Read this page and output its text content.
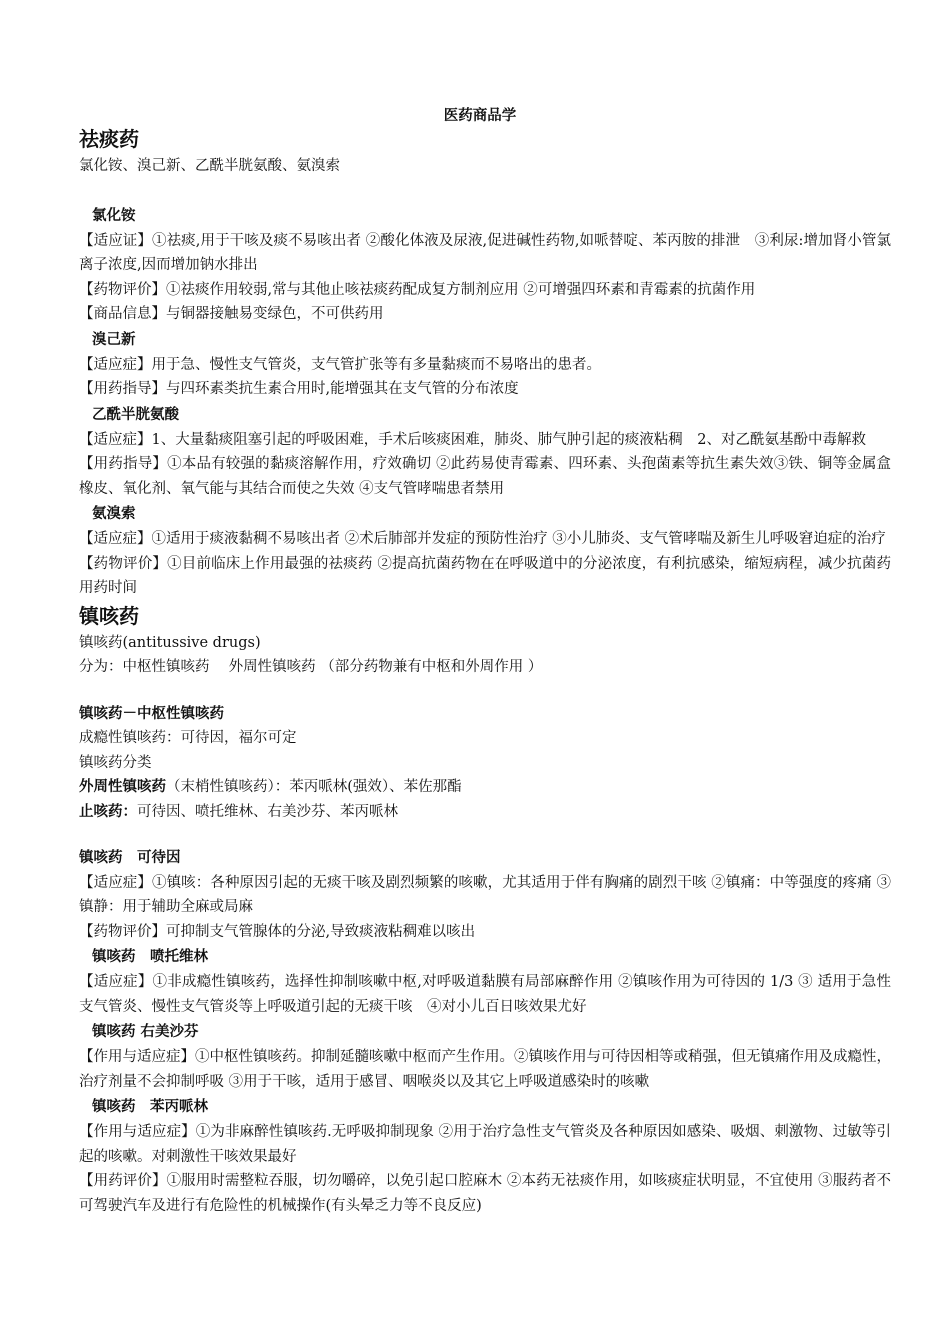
医药商品学
祛痰药
氯化铵、溴己新、乙酰半胱氨酸、氨溴索
氯化铵
【适应证】①祛痰,用于干咳及痰不易咳出者 ②酸化体液及尿液,促进碱性药物,如哌替啶、苯丙胺的排泄　③利尿:增加肾小管氯离子浓度,因而增加钠水排出
【药物评价】①祛痰作用较弱,常与其他止咳祛痰药配成复方制剂应用 ②可增强四环素和青霉素的抗菌作用
【商品信息】与铜器接触易变绿色，不可供药用
溴己新
【适应症】用于急、慢性支气管炎，支气管扩张等有多量黏痰而不易咯出的患者。
【用药指导】与四环素类抗生素合用时,能增强其在支气管的分布浓度
乙酰半胱氨酸
【适应症】1、大量黏痰阻塞引起的呼吸困难，手术后咳痰困难，肺炎、肺气肿引起的痰液粘稠　2、对乙酰氨基酚中毒解救
【用药指导】①本品有较强的黏痰溶解作用，疗效确切 ②此药易使青霉素、四环素、头孢菌素等抗生素失效③铁、铜等金属盒橡皮、氧化剂、氧气能与其结合而使之失效 ④支气管哮喘患者禁用
氨溴索
【适应症】①适用于痰液黏稠不易咳出者 ②术后肺部并发症的预防性治疗 ③小儿肺炎、支气管哮喘及新生儿呼吸窘迫症的治疗
【药物评价】①目前临床上作用最强的祛痰药 ②提高抗菌药物在在呼吸道中的分泌浓度，有利抗感染，缩短病程，减少抗菌药用药时间
镇咳药
镇咳药(antitussive drugs)
分为：中枢性镇咳药　 外周性镇咳药 （部分药物兼有中枢和外周作用 ）
镇咳药－中枢性镇咳药
成瘾性镇咳药：可待因，福尔可定
镇咳药分类
外周性镇咳药（末梢性镇咳药）：苯丙哌林(强效）、苯佐那酯
止咳药：可待因、喷托维林、右美沙芬、苯丙哌林
镇咳药　可待因
【适应症】①镇咳：各种原因引起的无痰干咳及剧烈频繁的咳嗽，尤其适用于伴有胸痛的剧烈干咳 ②镇痛：中等强度的疼痛 ③镇静：用于辅助全麻或局麻
【药物评价】可抑制支气管腺体的分泌,导致痰液粘稠难以咳出
镇咳药　喷托维林
【适应症】①非成瘾性镇咳药，选择性抑制咳嗽中枢,对呼吸道黏膜有局部麻醉作用 ②镇咳作用为可待因的 1/3 ③ 适用于急性支气管炎、慢性支气管炎等上呼吸道引起的无痰干咳　④对小儿百日咳效果尤好
镇咳药 右美沙芬
【作用与适应症】①中枢性镇咳药。抑制延髓咳嗽中枢而产生作用。②镇咳作用与可待因相等或稍强，但无镇痛作用及成瘾性，治疗剂量不会抑制呼吸 ③用于干咳，适用于感冒、咽喉炎以及其它上呼吸道感染时的咳嗽
镇咳药　苯丙哌林
【作用与适应症】①为非麻醉性镇咳药.无呼吸抑制现象 ②用于治疗急性支气管炎及各种原因如感染、吸烟、刺激物、过敏等引起的咳嗽。对刺激性干咳效果最好
【用药评价】①服用时需整粒吞服，切勿嚼碎，以免引起口腔麻木 ②本药无祛痰作用，如咳痰症状明显，不宜使用 ③服药者不可驾驶汽车及进行有危险性的机械操作(有头晕乏力等不良反应)
